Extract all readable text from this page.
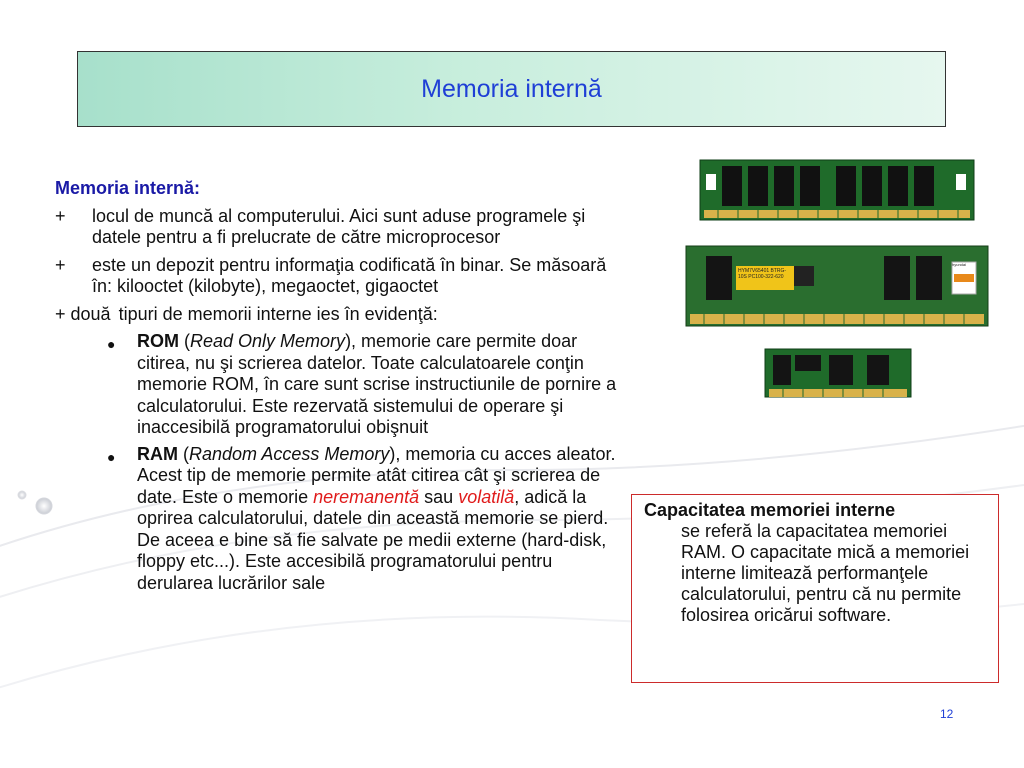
Memoria internă
Memoria internă:
+ locul de muncă al computerului. Aici sunt aduse programele şi datele pentru a fi prelucrate de către microprocesor
+ este un depozit pentru informaţia codificată în binar. Se măsoară în: kilooctet (kilobyte), megaoctet, gigaoctet
+ două tipuri de memorii interne ies în evidenţă:
● ROM (Read Only Memory), memorie care permite doar citirea, nu şi scrierea datelor. Toate calculatoarele conţin memorie ROM, în care sunt scrise instructiunile de pornire a calculatorului. Este rezervată sistemului de operare şi inaccesibilă programatorului obişnuit
● RAM (Random Access Memory), memoria cu acces aleator. Acest tip de memorie permite atât citirea cât şi scrierea de date. Este o memorie neremanentă sau volatilă, adică la oprirea calculatorului, datele din această memorie se pierd. De aceea e bine să fie salvate pe medii externe (hard-disk, floppy etc...). Este accesibilă programatorului pentru derularea lucrărilor sale
HYM7V65401 BTRG-10S PC100-322-620
hyundai
Capacitatea memoriei interne
se referă la capacitatea memoriei RAM. O capacitate mică a memoriei interne limitează performanţele calculatorului, pentru că nu permite folosirea oricărui software.
12
